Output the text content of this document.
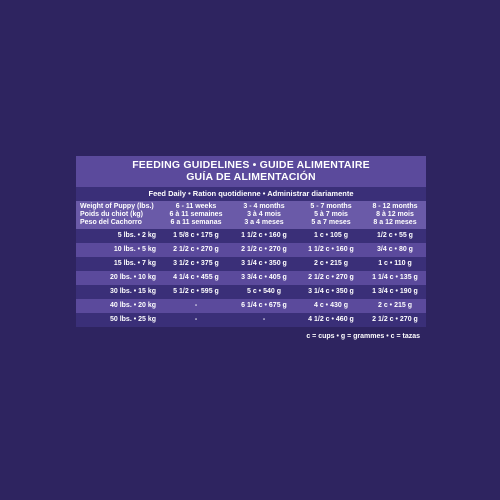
FEEDING GUIDELINES • GUIDE ALIMENTAIRE
GUÍA DE ALIMENTACIÓN
Feed Daily • Ration quotidienne • Administrar diariamente
Weight of Puppy (lbs.)
Poids du chiot (kg)
Peso del Cachorro	6 - 11 weeks
6 à 11 semaines
6 a 11 semanas	3 - 4 months
3 à 4 mois
3 a 4 meses	5 - 7 months
5 à 7 mois
5 a 7 meses	8 - 12 months
8 à 12 mois
8 a 12 meses

5 lbs. • 2 kg	1 5/8 c • 175 g	1 1/2 c • 160 g	1 c • 105 g	1/2 c • 55 g
10 lbs. • 5 kg	2 1/2 c • 270 g	2 1/2 c • 270 g	1 1/2 c • 160 g	3/4 c • 80 g
15 lbs. • 7 kg	3 1/2 c • 375 g	3 1/4 c • 350 g	2 c • 215 g	1 c • 110 g
20 lbs. • 10 kg	4 1/4 c • 455 g	3 3/4 c • 405 g	2 1/2 c • 270 g	1 1/4 c • 135 g
30 lbs. • 15 kg	5 1/2 c • 595 g	5 c • 540 g	3 1/4 c • 350 g	1 3/4 c • 190 g
40 lbs. • 20 kg	-	6 1/4 c • 675 g	4 c • 430 g	2 c • 215 g
50 lbs. • 25 kg	-	-	4 1/2 c • 460 g	2 1/2 c • 270 g
c = cups • g = grammes • c = tazas
